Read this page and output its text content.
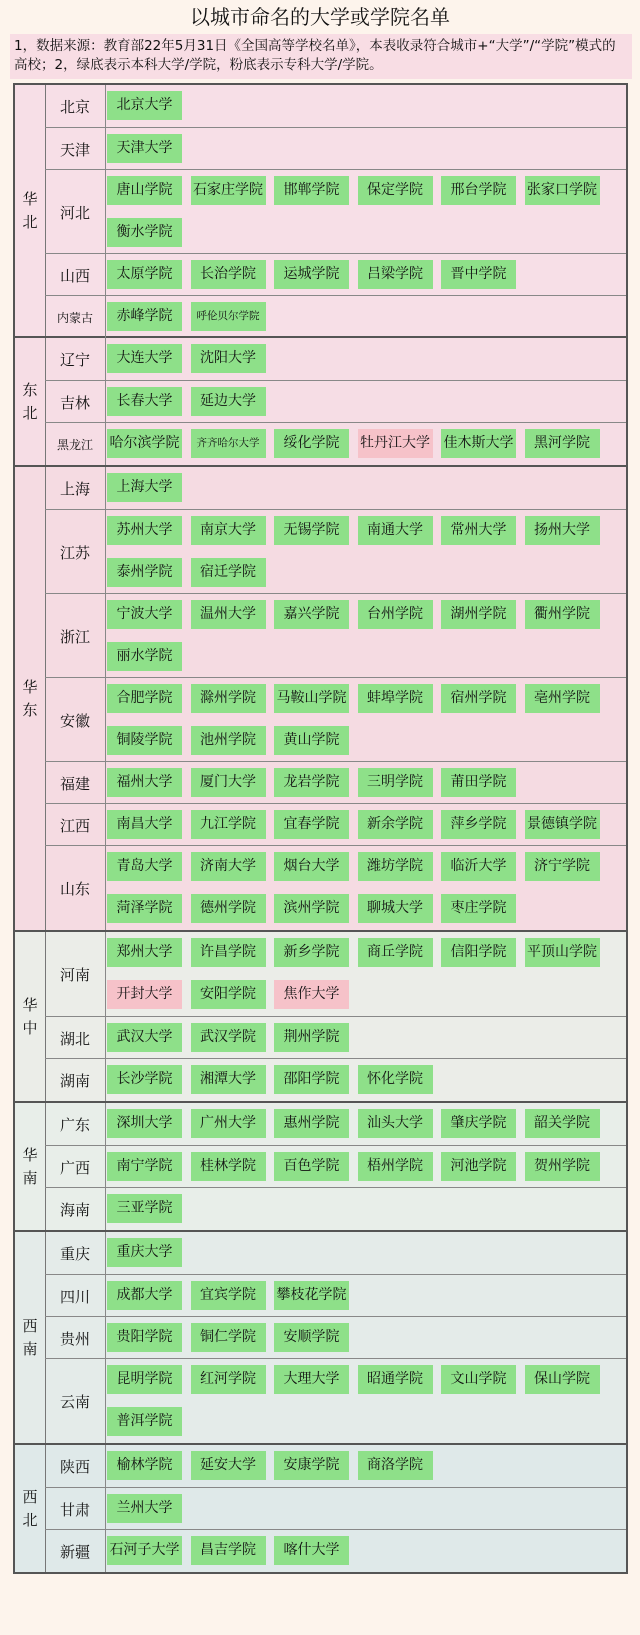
以城市命名的大学或学院名单
1，数据来源：教育部22年5月31日《全国高等学校名单》，本表收录符合城市+“大学”/“学院”模式的高校；2，绿底表示本科大学/学院，粉底表示专科大学/学院。
华北
北京	北京大学
天津	天津大学
河北
唐山学院	石家庄学院	邯郸学院	保定学院	邢台学院	张家口学院
衡水学院
山西	太原学院	长治学院	运城学院	吕梁学院	晋中学院
内蒙古	赤峰学院	呼伦贝尔学院
东北
辽宁	大连大学	沈阳大学
吉林	长春大学	延边大学
黑龙江	哈尔滨学院	齐齐哈尔大学	绥化学院	牡丹江大学 佳木斯大学	黑河学院
华东
上海	上海大学
江苏
苏州大学	南京大学	无锡学院	南通大学	常州大学	扬州大学
泰州学院	宿迁学院
浙江
宁波大学	温州大学	嘉兴学院	台州学院	湖州学院	衢州学院
丽水学院
安徽
合肥学院	滁州学院	马鞍山学院	蚌埠学院	宿州学院	亳州学院
铜陵学院	池州学院	黄山学院
福建	福州大学	厦门大学	龙岩学院	三明学院	莆田学院
江西	南昌大学	九江学院	宜春学院	新余学院	萍乡学院	景德镇学院
山东
青岛大学	济南大学	烟台大学	潍坊学院	临沂大学	济宁学院
菏泽学院	德州学院	滨州学院	聊城大学	枣庄学院
华中
河南
郑州大学	许昌学院	新乡学院	商丘学院	信阳学院	平顶山学院
开封大学	安阳学院	焦作大学
湖北	武汉大学	武汉学院	荆州学院
湖南	长沙学院	湘潭大学	邵阳学院	怀化学院
华南
广东	深圳大学	广州大学	惠州学院	汕头大学	肇庆学院	韶关学院
广西	南宁学院	桂林学院	百色学院	梧州学院	河池学院	贺州学院
海南	三亚学院
西南
重庆	重庆大学
四川	成都大学	宜宾学院	攀枝花学院
贵州	贵阳学院	铜仁学院	安顺学院
云南
昆明学院	红河学院	大理大学	昭通学院	文山学院	保山学院
普洱学院
西北
陕西	榆林学院	延安大学	安康学院	商洛学院
甘肃	兰州大学
新疆	石河子大学	昌吉学院	喀什大学
